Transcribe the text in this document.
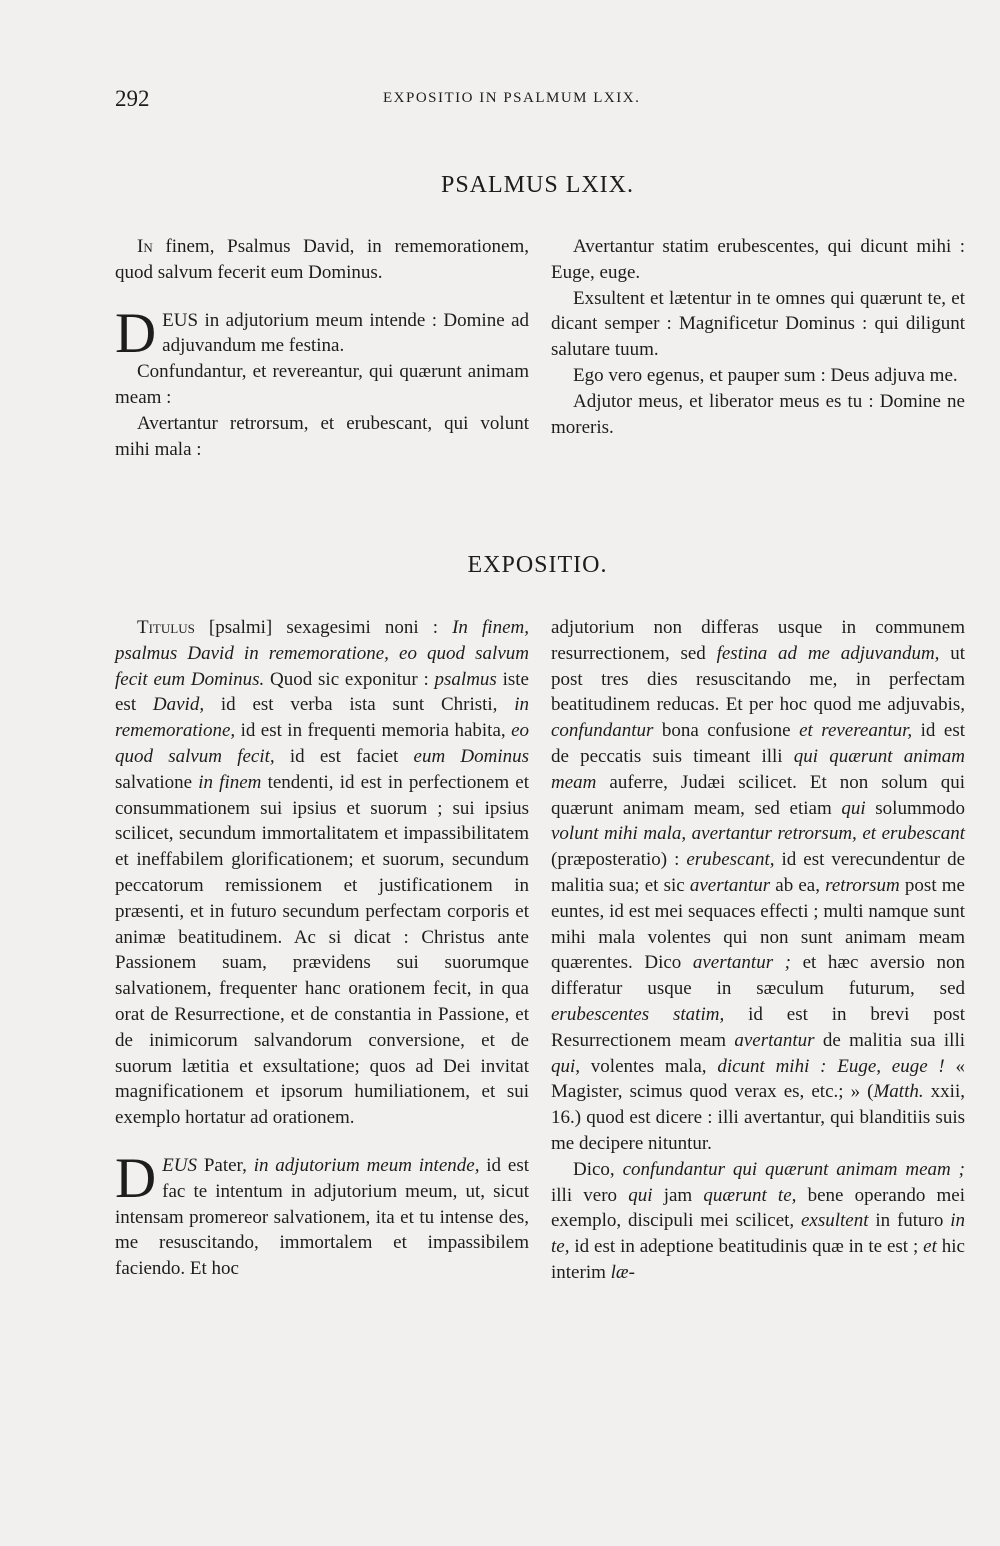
292	EXPOSITIO IN PSALMUM LXIX.
PSALMUS LXIX.

In finem, Psalmus David, in rememorationem, quod salvum fecerit eum Dominus.

DEUS in adjutorium meum intende : Domine ad adjuvandum me festina.

Confundantur, et revereantur, qui quærunt animam meam :

Avertantur retrorsum, et erubescant, qui volunt mihi mala :

Avertantur statim erubescentes, qui dicunt mihi : Euge, euge.

Exsultent et lætentur in te omnes qui quærunt te, et dicant semper : Magnificetur Dominus : qui diligunt salutare tuum.

Ego vero egenus, et pauper sum : Deus adjuva me.

Adjutor meus, et liberator meus es tu : Domine ne moreris.

EXPOSITIO.

Titulus [psalmi] sexagesimi noni : In finem, psalmus David in rememoratione, eo quod salvum fecit eum Dominus. Quod sic exponitur : psalmus iste est David, id est verba ista sunt Christi, in rememoratione, id est in frequenti memoria habita, eo quod salvum fecit, id est faciet eum Dominus salvatione in finem tendenti, id est in perfectionem et consummationem sui ipsius et suorum ; sui ipsius scilicet, secundum immortalitatem et impassibilitatem et ineffabilem glorificationem; et suorum, secundum peccatorum remissionem et justificationem in præsenti, et in futuro secundum perfectam corporis et animæ beatitudinem. Ac si dicat : Christus ante Passionem suam, prævidens sui suorumque salvationem, frequenter hanc orationem fecit, in qua orat de Resurrectione, et de constantia in Passione, et de inimicorum salvandorum conversione, et de suorum lætitia et exsultatione; quos ad Dei invitat magnificationem et ipsorum humiliationem, et sui exemplo hortatur ad orationem.

DEUS Pater, in adjutorium meum intende, id est fac te intentum in adjutorium meum, ut, sicut intensam promereor salvationem, ita et tu intense des, me resuscitando, immortalem et impassibilem faciendo. Et hoc

adjutorium non differas usque in communem resurrectionem, sed festina ad me adjuvandum, ut post tres dies resuscitando me, in perfectam beatitudinem reducas. Et per hoc quod me adjuvabis, confundantur bona confusione et revereantur, id est de peccatis suis timeant illi qui quærunt animam meam auferre, Judæi scilicet. Et non solum qui quærunt animam meam, sed etiam qui solummodo volunt mihi mala, avertantur retrorsum, et erubescant (præposteratio) : erubescant, id est verecundentur de malitia sua; et sic avertantur ab ea, retrorsum post me euntes, id est mei sequaces effecti ; multi namque sunt mihi mala volentes qui non sunt animam meam quærentes. Dico avertantur ; et hæc aversio non differatur usque in sæculum futurum, sed erubescentes statim, id est in brevi post Resurrectionem meam avertantur de malitia sua illi qui, volentes mala, dicunt mihi : Euge, euge ! « Magister, scimus quod verax es, etc.; » (Matth. xxii, 16.) quod est dicere : illi avertantur, qui blanditiis suis me decipere nituntur.

Dico, confundantur qui quærunt animam meam ; illi vero qui jam quærunt te, bene operando mei exemplo, discipuli mei scilicet, exsultent in futuro in te, id est in adeptione beatitudinis quæ in te est ; et hic interim læ-
